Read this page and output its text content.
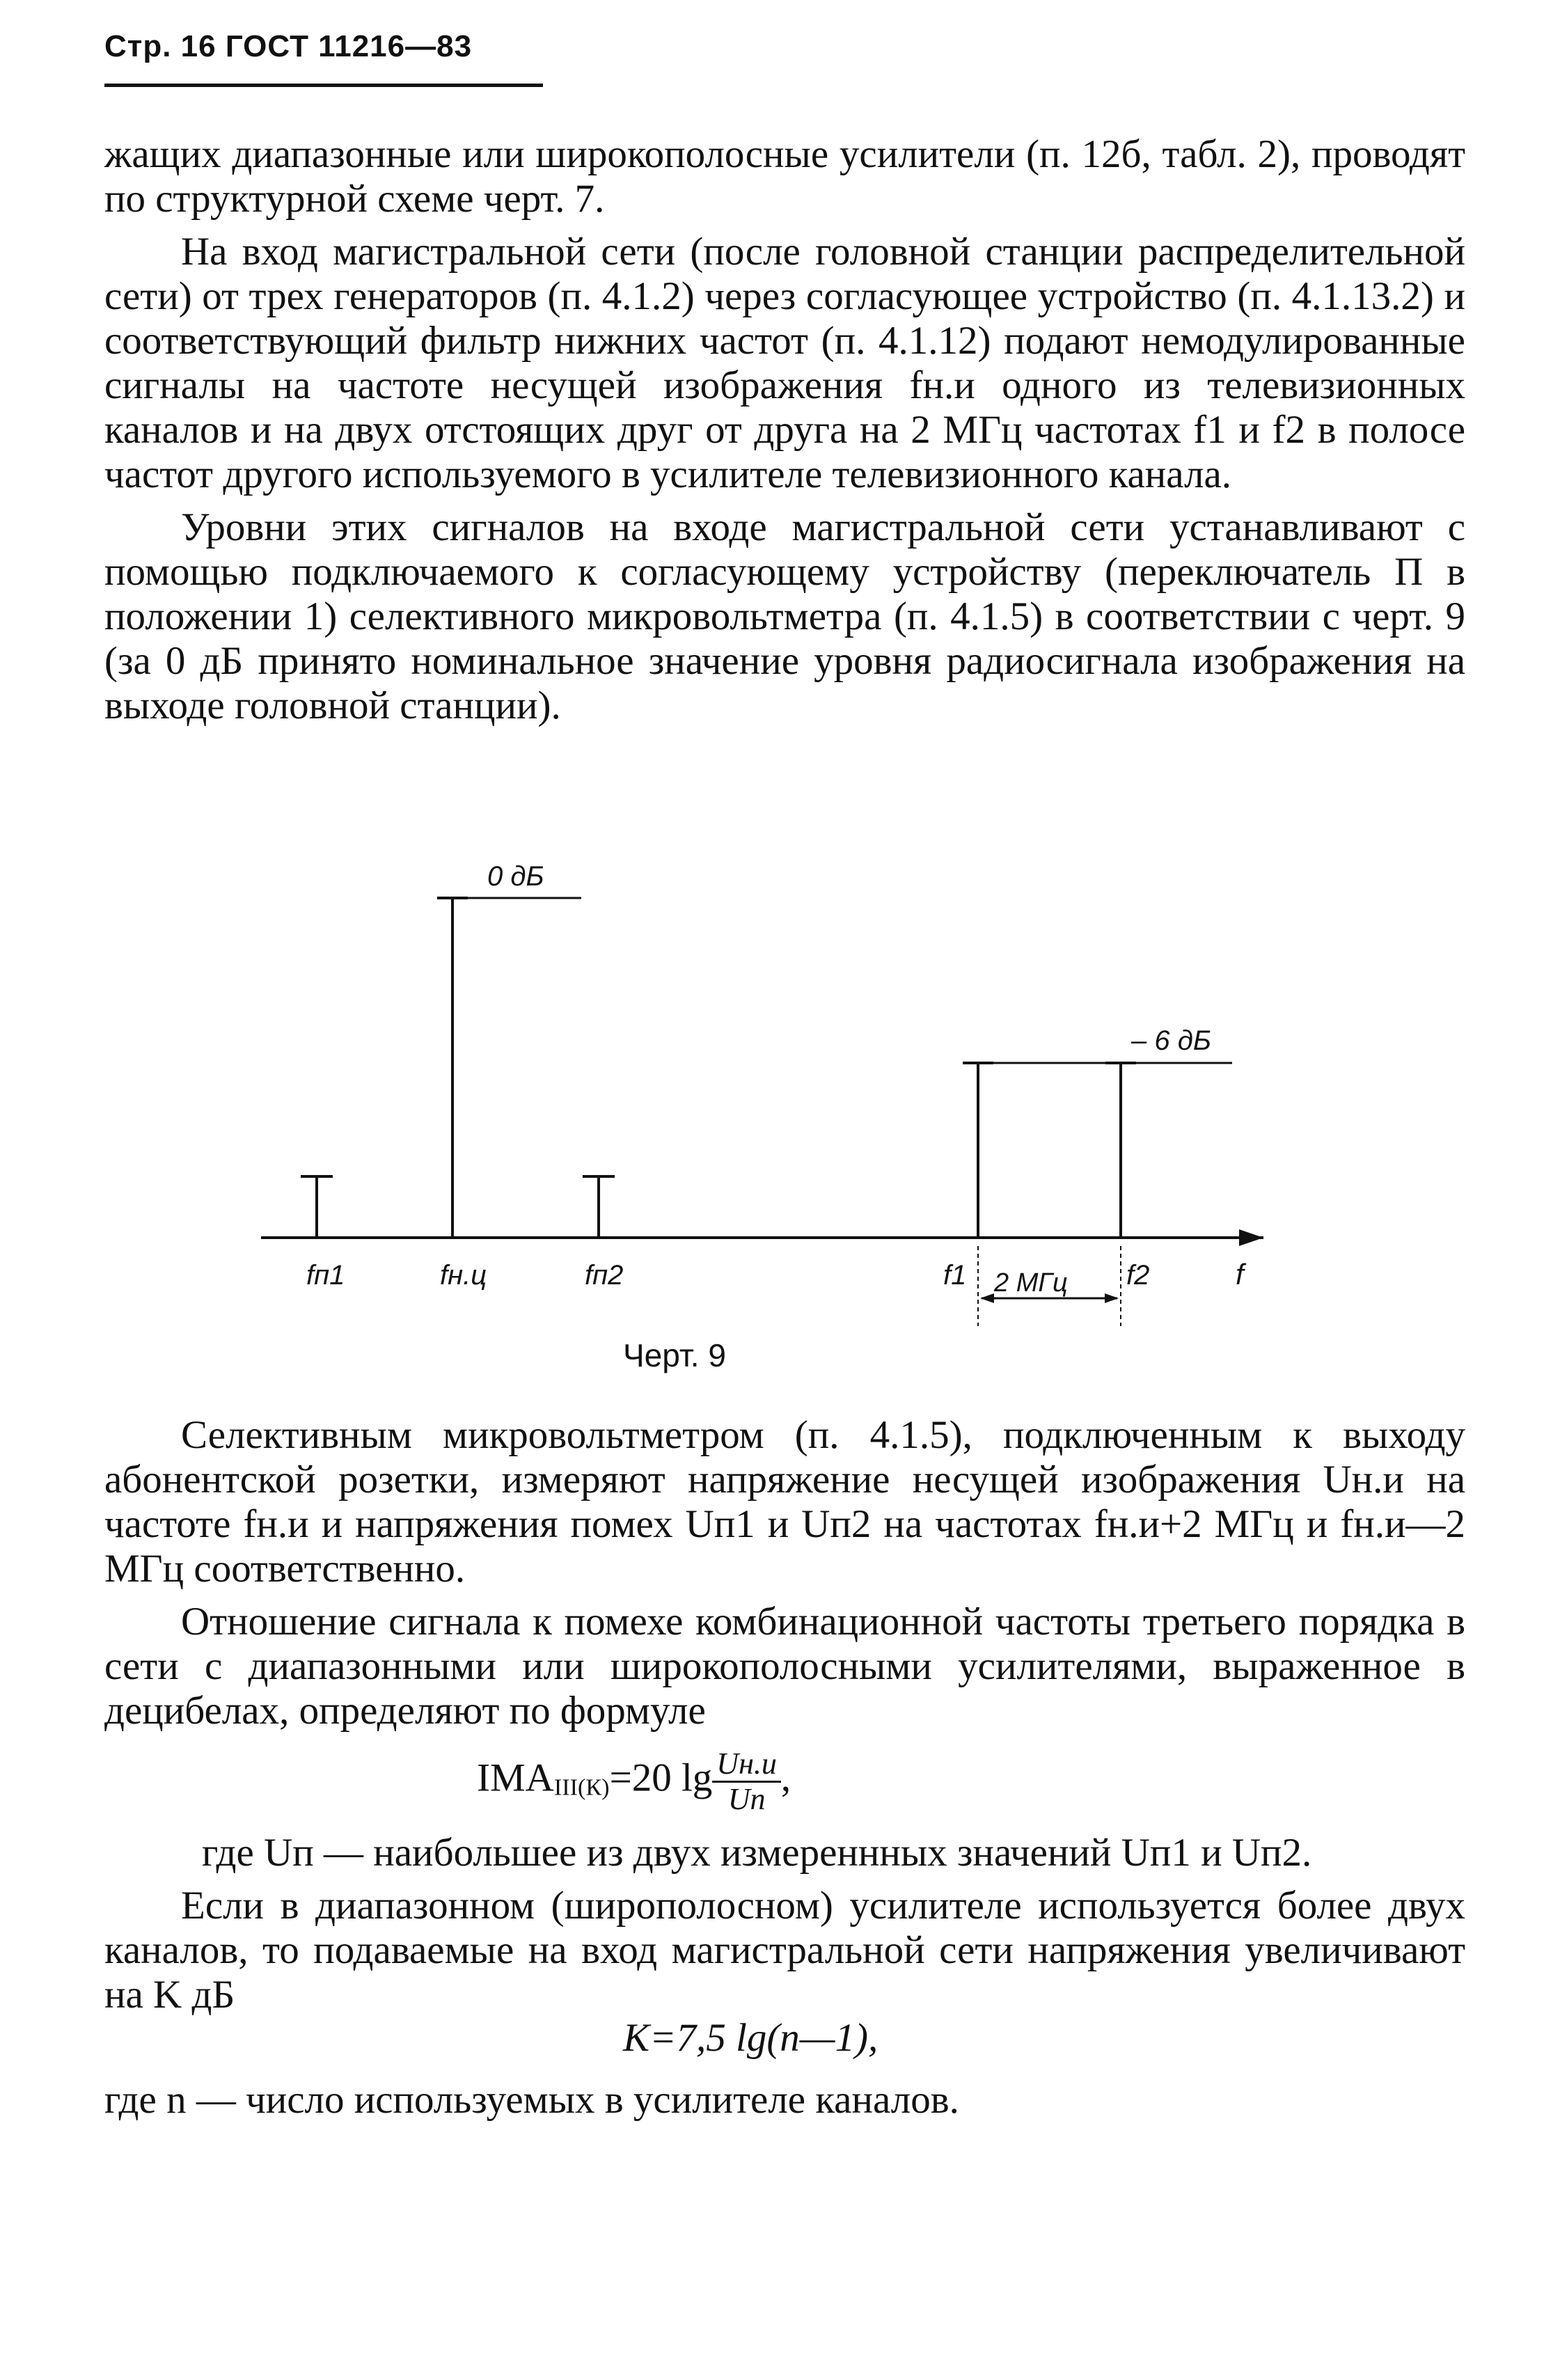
Стр. 16 ГОСТ 11216—83

жащих диапазонные или широкополосные усилители (п. 12б, табл. 2), проводят по структурной схеме черт. 7.

На вход магистральной сети (после головной станции распределительной сети) от трех генераторов (п. 4.1.2) через согласующее устройство (п. 4.1.13.2) и соответствующий фильтр нижних частот (п. 4.1.12) подают немодулированные сигналы на частоте несущей изображения fн.и одного из телевизионных каналов и на двух отстоящих друг от друга на 2 МГц частотах f1 и f2 в полосе частот другого используемого в усилителе телевизионного канала.

Уровни этих сигналов на входе магистральной сети устанавливают с помощью подключаемого к согласующему устройству (переключатель П в положении 1) селективного микровольтметра (п. 4.1.5) в соответствии с черт. 9 (за 0 дБ принято номинальное значение уровня радиосигнала изображения на выходе головной станции).

0 дБ
– 6 дБ
2 МГц
fп1	fн.ц	fп2	f1	f2	f
Черт. 9

Селективным микровольтметром (п. 4.1.5), подключенным к выходу абонентской розетки, измеряют напряжение несущей изображения Uн.и на частоте fн.и и напряжения помех Uп1 и Uп2 на частотах fн.и+2 МГц и fн.и—2 МГц соответственно.

Отношение сигнала к помехе комбинационной частоты третьего порядка в сети с диапазонными или широкополосными усилителями, выраженное в децибелах, определяют по формуле

$IMA_{III(К)}=20$ $\lg \frac{Uн.и}{Uп}$ ,

где Uп — наибольшее из двух измереннных значений Uп1 и Uп2.

Если в диапазонном (широполосном) усилителе используется более двух каналов, то подаваемые на вход магистральной сети напряжения увеличивают на K дБ

K=7,5 lg(n—1),

где n — число используемых в усилителе каналов.
